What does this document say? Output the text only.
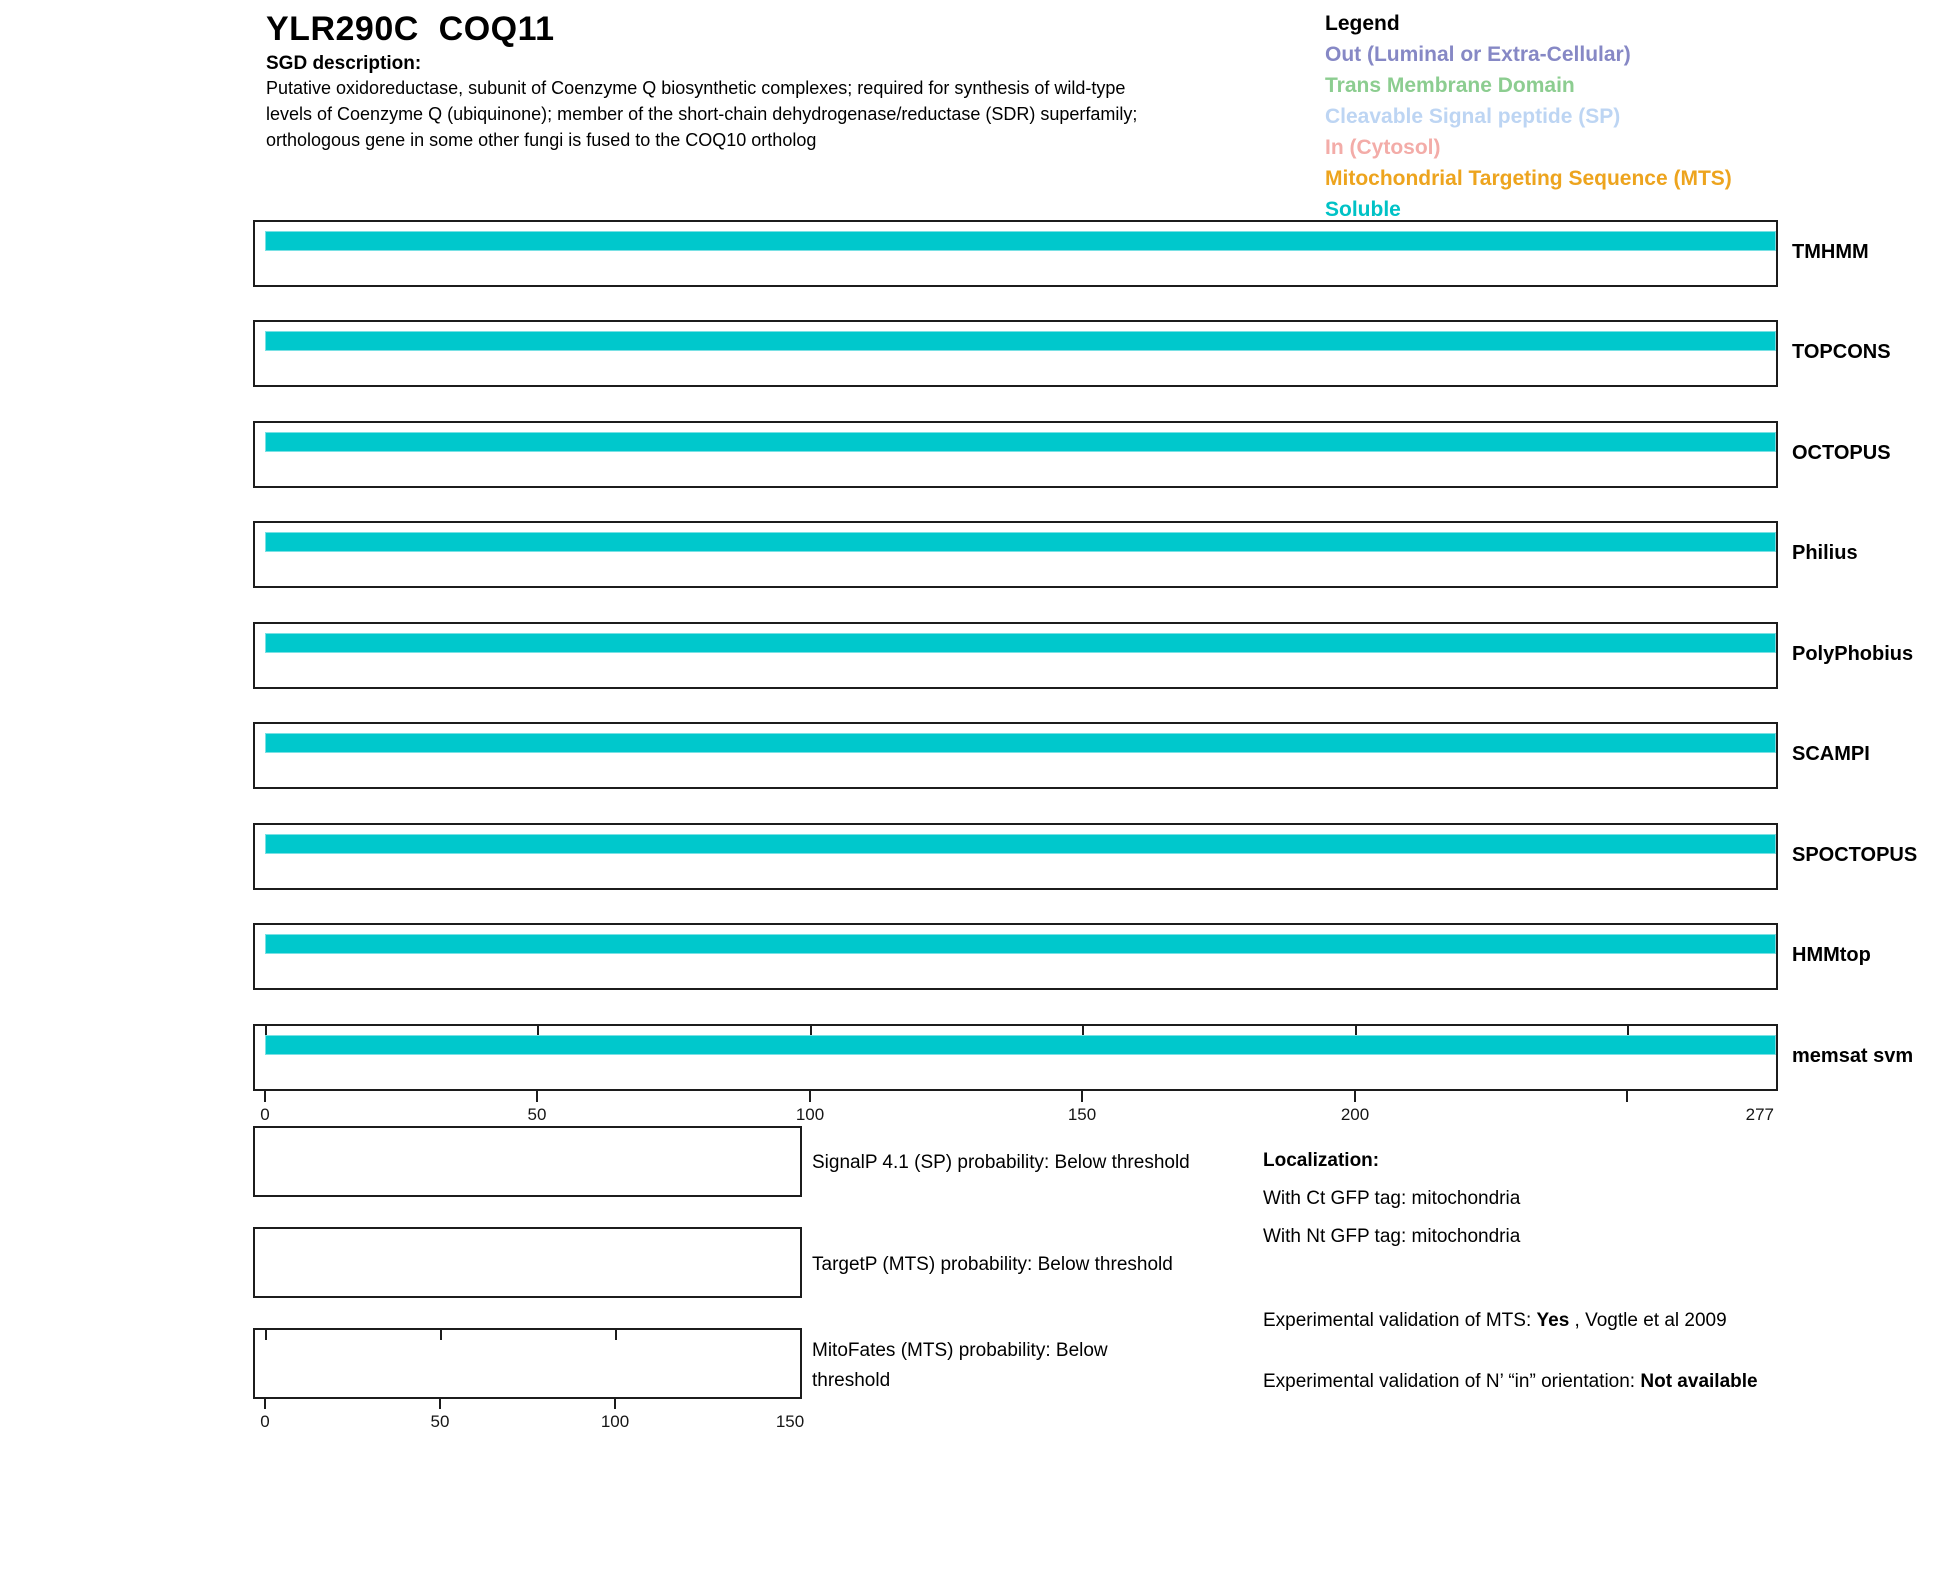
YLR290C  COQ11
SGD description:
Putative oxidoreductase, subunit of Coenzyme Q biosynthetic complexes; required for synthesis of wild-type
levels of Coenzyme Q (ubiquinone); member of the short-chain dehydrogenase/reductase (SDR) superfamily;
orthologous gene in some other fungi is fused to the COQ10 ortholog
Legend
Out (Luminal or Extra-Cellular)
Trans Membrane Domain
Cleavable Signal peptide (SP)
In (Cytosol)
Mitochondrial Targeting Sequence (MTS)
Soluble
TMHMM
TOPCONS
OCTOPUS
Philius
PolyPhobius
SCAMPI
SPOCTOPUS
HMMtop
memsat svm
0	50	100	150	200	277
SignalP 4.1 (SP) probability: Below threshold
TargetP (MTS) probability: Below threshold
MitoFates (MTS) probability: Below threshold
0	50	100	150
Localization:
With Ct GFP tag: mitochondria
With Nt GFP tag: mitochondria
Experimental validation of MTS: Yes , Vogtle et al 2009
Experimental validation of N’ “in” orientation: Not available
